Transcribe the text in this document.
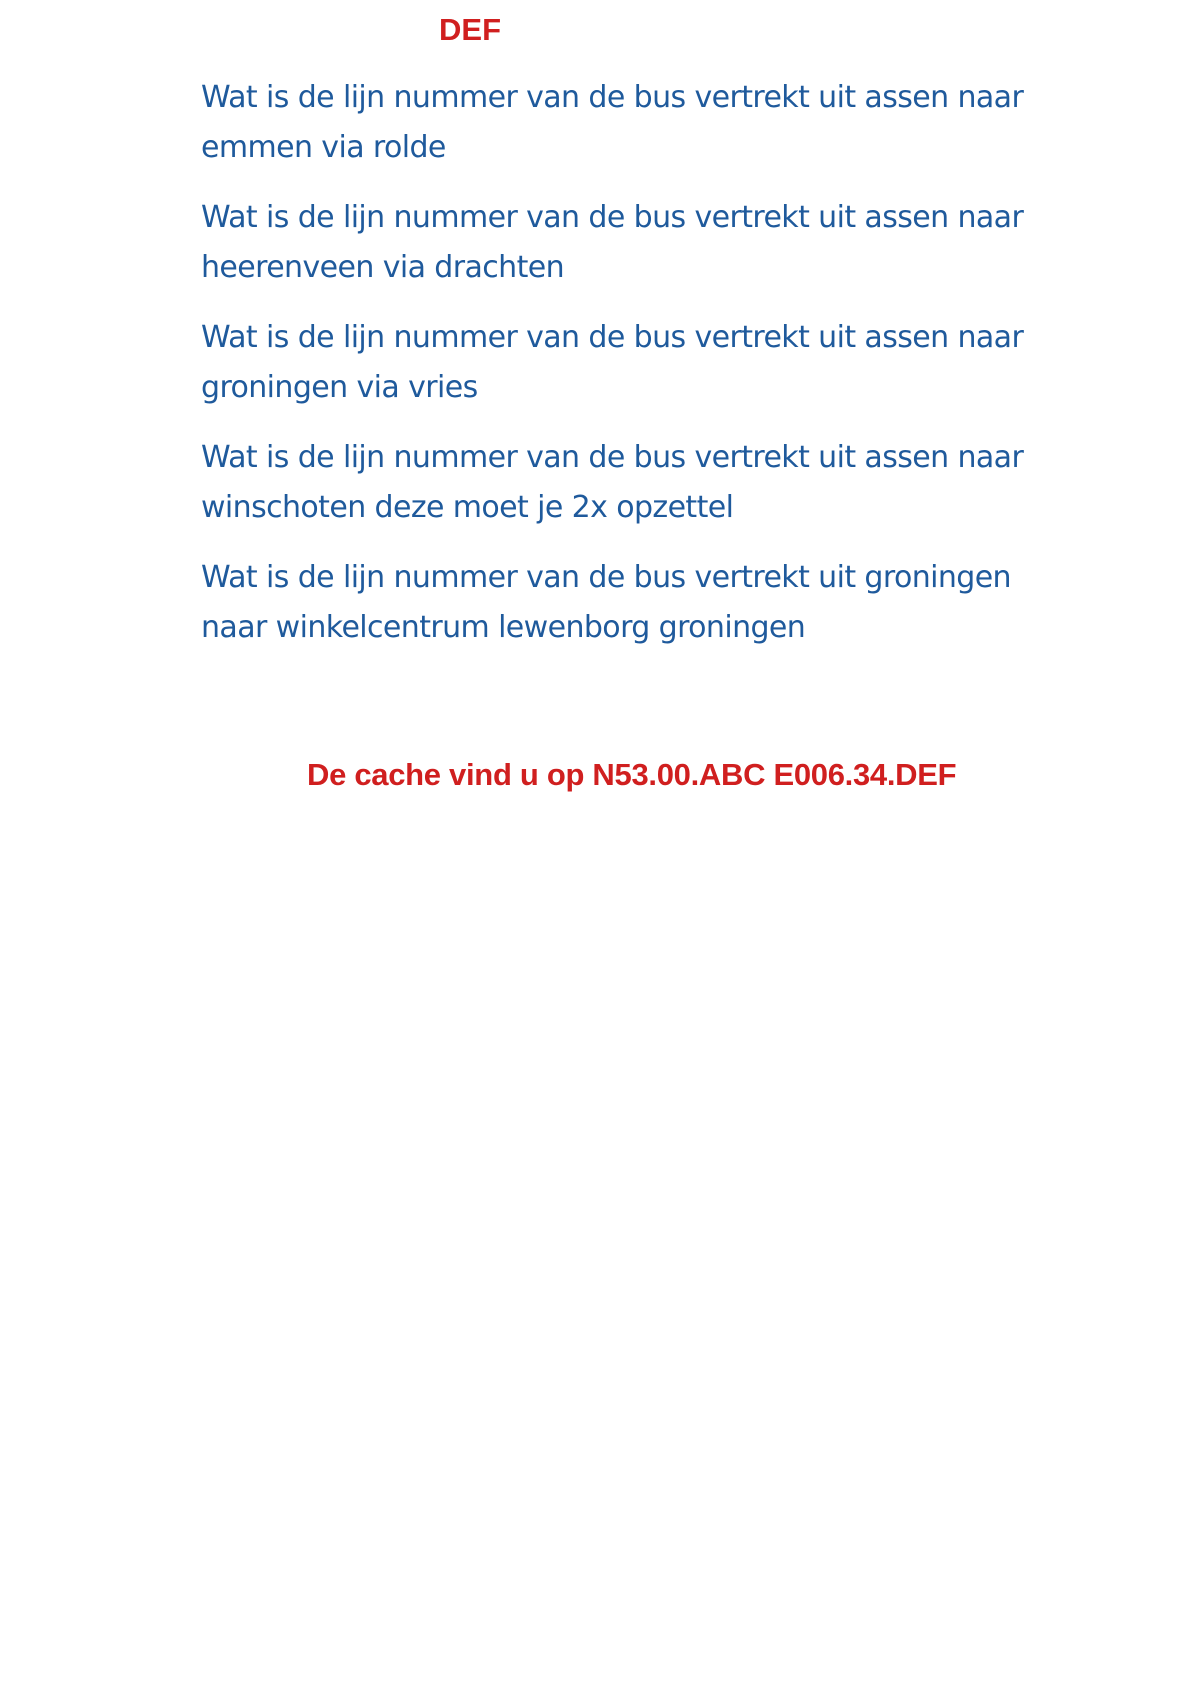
DEF
Wat is de lijn nummer van de bus vertrekt uit assen naar
emmen via rolde
Wat is de lijn nummer van de bus vertrekt uit assen naar
heerenveen via drachten
Wat is de lijn nummer van de bus vertrekt uit assen naar
groningen via vries
Wat is de lijn nummer van de bus vertrekt uit assen naar
winschoten deze moet je 2x opzettel
Wat is de lijn nummer van de bus vertrekt uit groningen
naar winkelcentrum lewenborg groningen

De cache vind u op N53.00.ABC E006.34.DEF
